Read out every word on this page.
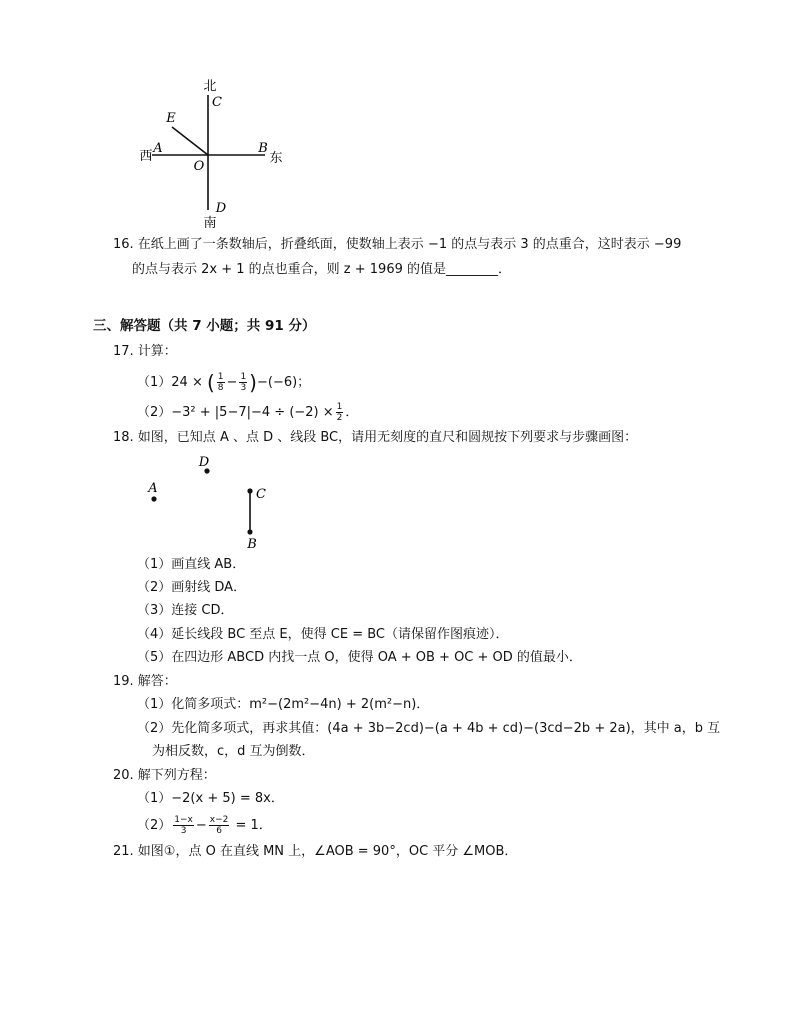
北
C
西
A	B
东
E
O
D
南
16. 在纸上画了一条数轴后，折叠纸面，使数轴上表示 −1 的点与表示 3 的点重合，这时表示 −99
的点与表示 2x + 1 的点也重合，则 z + 1969 的值是________．
三、解答题（共 7 小题；共 91 分）
17. 计算：
（1）24 × ( $\frac{1}{8} - \frac{1}{3} )-(-6)$；
$(2)-3^2 + |5-7|-4 \div (-2) \times \frac{1}{2}$ ．
18. 如图，已知点 A 、点 D 、线段 BC，请用无刻度的直尺和圆规按下列要求与步骤画图：
D
A	C
B
（1）画直线 AB．
（2）画射线 DA．
（3）连接 CD．
（4）延长线段 BC 至点 E，使得 CE = BC（请保留作图痕迹）．
（5）在四边形 ABCD 内找一点 O，使得 OA + OB + OC + OD 的值最小．
19. 解答：
（1）化简多项式：m²−(2m²−4n) + 2(m²−n)．
（2）先化简多项式，再求其值：(4a + 3b−2cd)−(a + 4b + cd)−(3cd−2b + 2a)，其中 a，b 互
为相反数，c，d 互为倒数．
20. 解下列方程：
（1）−2(x + 5) = 8x．
$(2) \frac{1-x}{3} - \frac{x-2}{6} = 1$．
21. 如图①，点 O 在直线 MN 上，∠AOB = 90°，OC 平分 ∠MOB．
